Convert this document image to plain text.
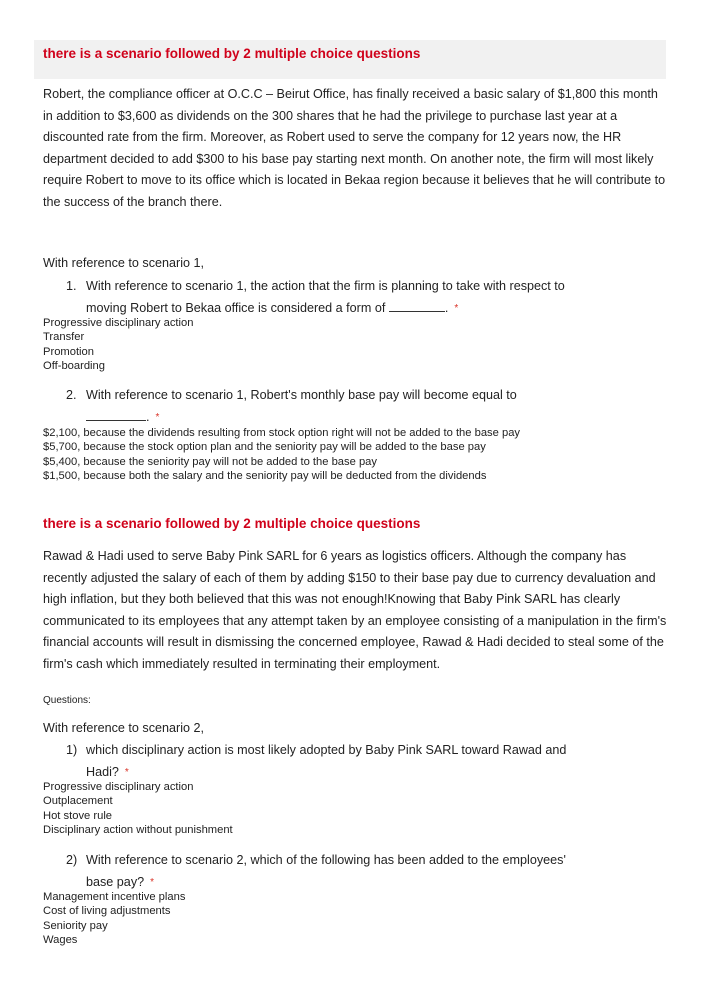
there is a scenario followed by 2 multiple choice questions
Robert, the compliance officer at O.C.C – Beirut Office, has finally received a basic salary of $1,800 this month in addition to $3,600 as dividends on the 300 shares that he had the privilege to purchase last year at a discounted rate from the firm. Moreover, as Robert used to serve the company for 12 years now, the HR department decided to add $300 to his base pay starting next month. On another note, the firm will most likely require Robert to move to its office which is located in Bekaa region because it believes that he will contribute to the success of the branch there.
With reference to scenario 1,
1. With reference to scenario 1, the action that the firm is planning to take with respect to
moving Robert to Bekaa office is considered a form of	. *
Progressive disciplinary action
Transfer
Promotion
Off-boarding
2. With reference to scenario 1, Robert's monthly base pay will become equal to
. *
$2,100, because the dividends resulting from stock option right will not be added to the base pay
$5,700, because the stock option plan and the seniority pay will be added to the base pay
$5,400, because the seniority pay will not be added to the base pay
$1,500, because both the salary and the seniority pay will be deducted from the dividends
there is a scenario followed by 2 multiple choice questions
Rawad & Hadi used to serve Baby Pink SARL for 6 years as logistics officers. Although the company has recently adjusted the salary of each of them by adding $150 to their base pay due to currency devaluation and high inflation, but they both believed that this was not enough!Knowing that Baby Pink SARL has clearly communicated to its employees that any attempt taken by an employee consisting of a manipulation in the firm's financial accounts will result in dismissing the concerned employee, Rawad & Hadi decided to steal some of the firm's cash which immediately resulted in terminating their employment.
Questions:
With reference to scenario 2,
1) which disciplinary action is most likely adopted by Baby Pink SARL toward Rawad and
Hadi? *
Progressive disciplinary action
Outplacement
Hot stove rule
Disciplinary action without punishment
2) With reference to scenario 2, which of the following has been added to the employees'
base pay? *
Management incentive plans
Cost of living adjustments
Seniority pay
Wages
